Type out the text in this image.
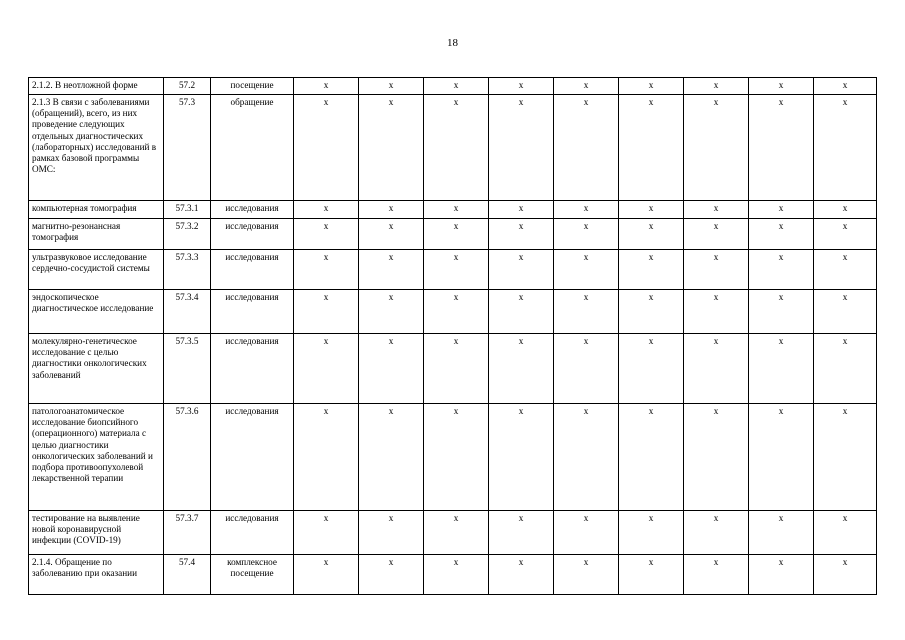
18
2.1.2. В неотложной форме	57.2	посещение	х	х	х	х	х	х	х	х	х
2.1.3 В связи с заболеваниями (обращений), всего, из них проведение следующих отдельных диагностических (лабораторных) исследований в рамках базовой программы ОМС:	57.3	обращение	х	х	х	х	х	х	х	х	х
компьютерная томография	57.3.1	исследования	х	х	х	х	х	х	х	х	х
магнитно-резонансная томография	57.3.2	исследования	х	х	х	х	х	х	х	х	х
ультразвуковое исследование сердечно-сосудистой системы	57.3.3	исследования	х	х	х	х	х	х	х	х	х
эндоскопическое диагностическое исследование	57.3.4	исследования	х	х	х	х	х	х	х	х	х
молекулярно-генетическое исследование с целью диагностики онкологических заболеваний	57.3.5	исследования	х	х	х	х	х	х	х	х	х
патологоанатомическое исследование биопсийного (операционного) материала с целью диагностики онкологических заболеваний и подбора противоопухолевой лекарственной терапии	57.3.6	исследования	х	х	х	х	х	х	х	х	х
тестирование на выявление новой коронавирусной инфекции (COVID-19)	57.3.7	исследования	х	х	х	х	х	х	х	х	х
2.1.4. Обращение по заболеванию при оказании	57.4	комплексное посещение	х	х	х	х	х	х	х	х	х
